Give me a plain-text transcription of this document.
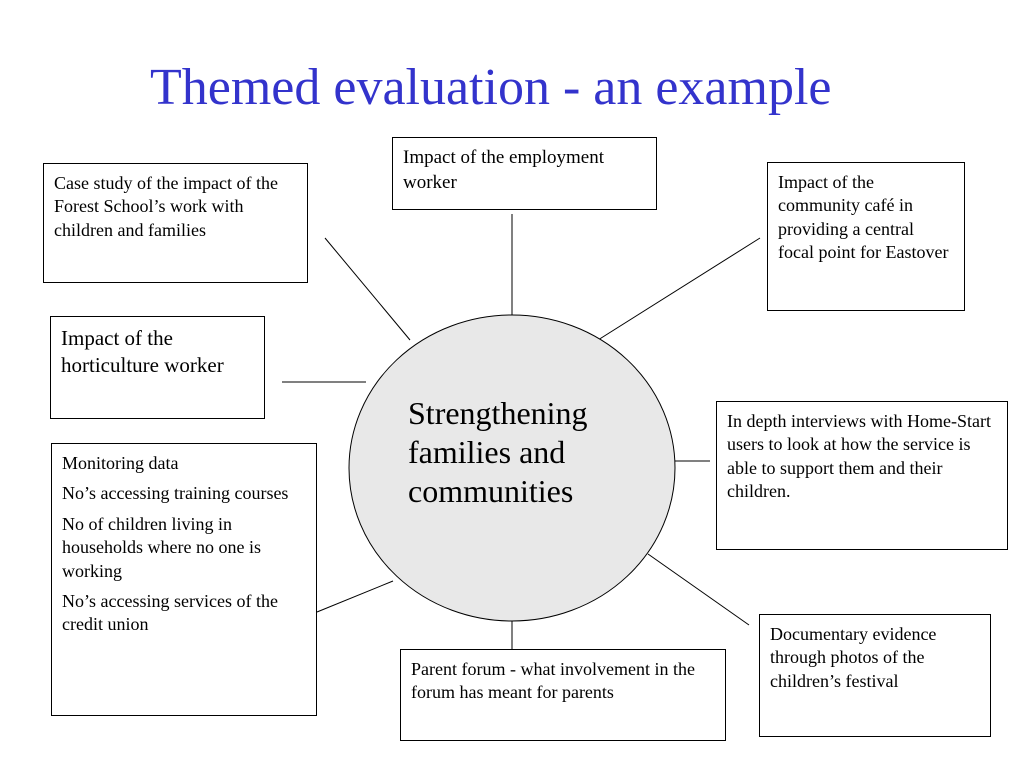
Themed evaluation - an example
Strengthening families and communities
Case study of the impact of the Forest School’s work with children and families
Impact of the employment worker	Impact of the community café in providing a central focal point for Eastover
Impact of the horticulture worker
In depth interviews with Home-Start users to look at how the service is able to support them and their children.

Monitoring data

No’s accessing training courses

No of children living in households where no one is working

No’s accessing services of the credit union

Parent forum - what involvement in the forum has meant for parents
Documentary evidence through photos of the children’s festival
